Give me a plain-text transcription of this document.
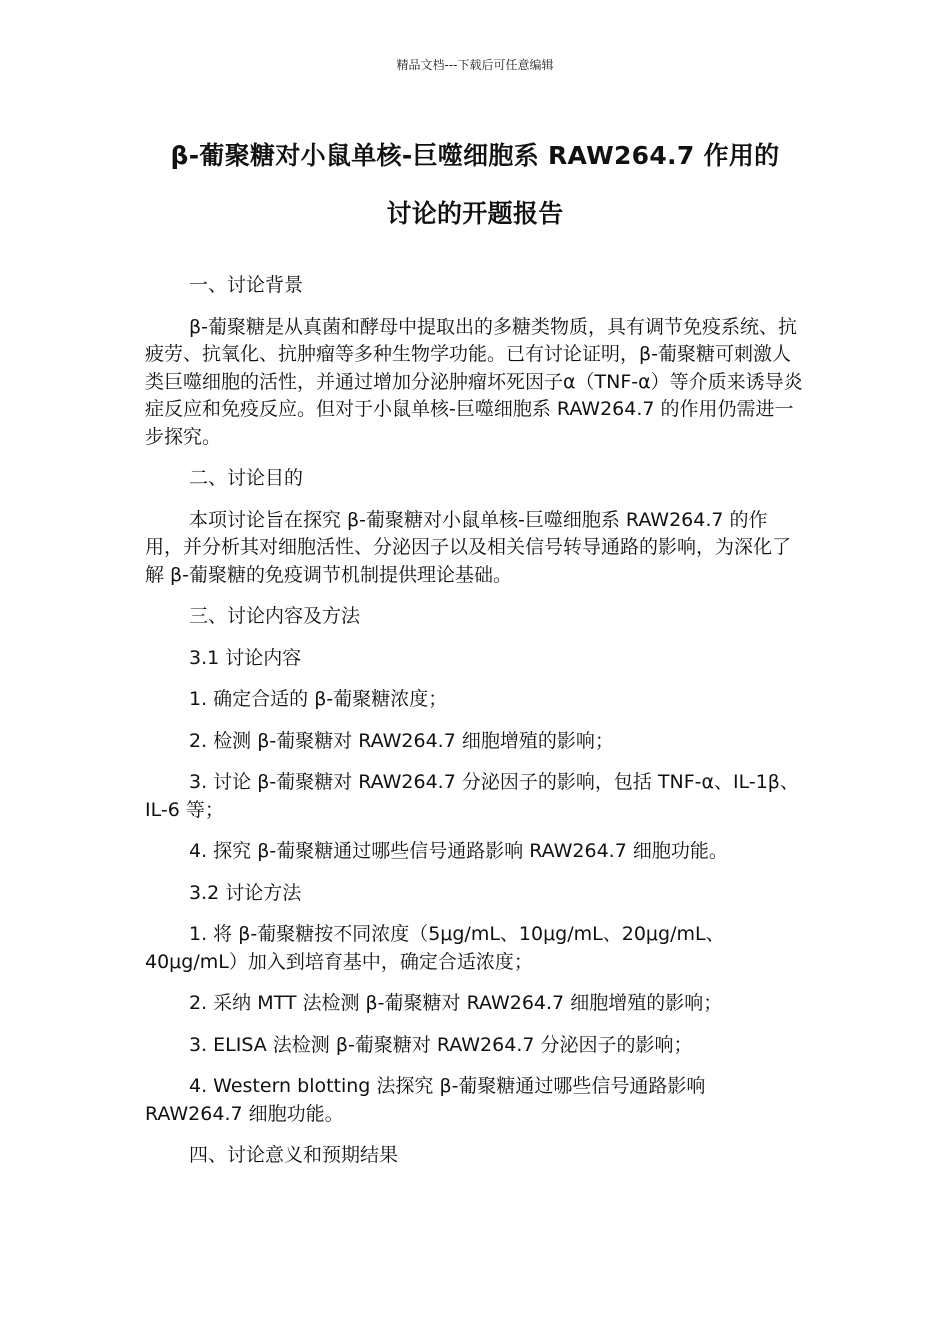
精品文档---下载后可任意编辑
β-葡聚糖对小鼠单核-巨噬细胞系 RAW264.7 作用的
讨论的开题报告

一、讨论背景

β-葡聚糖是从真菌和酵母中提取出的多糖类物质，具有调节免疫系统、抗疲劳、抗氧化、抗肿瘤等多种生物学功能。已有讨论证明，β-葡聚糖可刺激人类巨噬细胞的活性，并通过增加分泌肿瘤坏死因子α（TNF-α）等介质来诱导炎症反应和免疫反应。但对于小鼠单核-巨噬细胞系 RAW264.7 的作用仍需进一步探究。

二、讨论目的

本项讨论旨在探究 β-葡聚糖对小鼠单核-巨噬细胞系 RAW264.7 的作用，并分析其对细胞活性、分泌因子以及相关信号转导通路的影响，为深化了解 β-葡聚糖的免疫调节机制提供理论基础。

三、讨论内容及方法

3.1 讨论内容

1. 确定合适的 β-葡聚糖浓度；

2. 检测 β-葡聚糖对 RAW264.7 细胞增殖的影响；

3. 讨论 β-葡聚糖对 RAW264.7 分泌因子的影响，包括 TNF-α、IL-1β、IL-6 等；

4. 探究 β-葡聚糖通过哪些信号通路影响 RAW264.7 细胞功能。

3.2 讨论方法

1. 将 β-葡聚糖按不同浓度（5μg/mL、10μg/mL、20μg/mL、40μg/mL）加入到培育基中，确定合适浓度；

2. 采纳 MTT 法检测 β-葡聚糖对 RAW264.7 细胞增殖的影响；

3. ELISA 法检测 β-葡聚糖对 RAW264.7 分泌因子的影响；

4. Western blotting 法探究 β-葡聚糖通过哪些信号通路影响 RAW264.7 细胞功能。

四、讨论意义和预期结果
